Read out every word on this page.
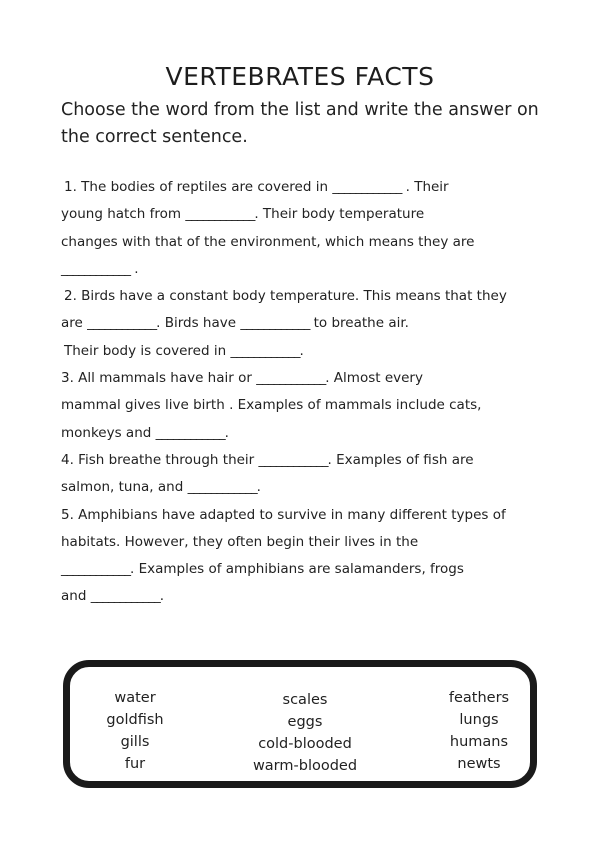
VERTEBRATES FACTS
Choose the word from the list and write the answer on the correct sentence.

1. The bodies of reptiles are covered in ____________ . Their

young hatch from ____________. Their body temperature

changes with that of the environment, which means they are

____________ .

2. Birds have a constant body temperature. This means that they

are ____________. Birds have ____________ to breathe air.

Their body is covered in ____________.

3. All mammals have hair or ____________. Almost every

mammal gives live birth . Examples of mammals include cats,

monkeys and ____________.

4. Fish breathe through their ____________. Examples of fish are

salmon, tuna, and ____________.

5. Amphibians have adapted to survive in many different types of

habitats. However, they often begin their lives in the

____________. Examples of amphibians are salamanders, frogs

and ____________.

water
goldfish
gills
fur
scales
eggs
cold-blooded
warm-blooded
feathers
lungs
humans
newts
